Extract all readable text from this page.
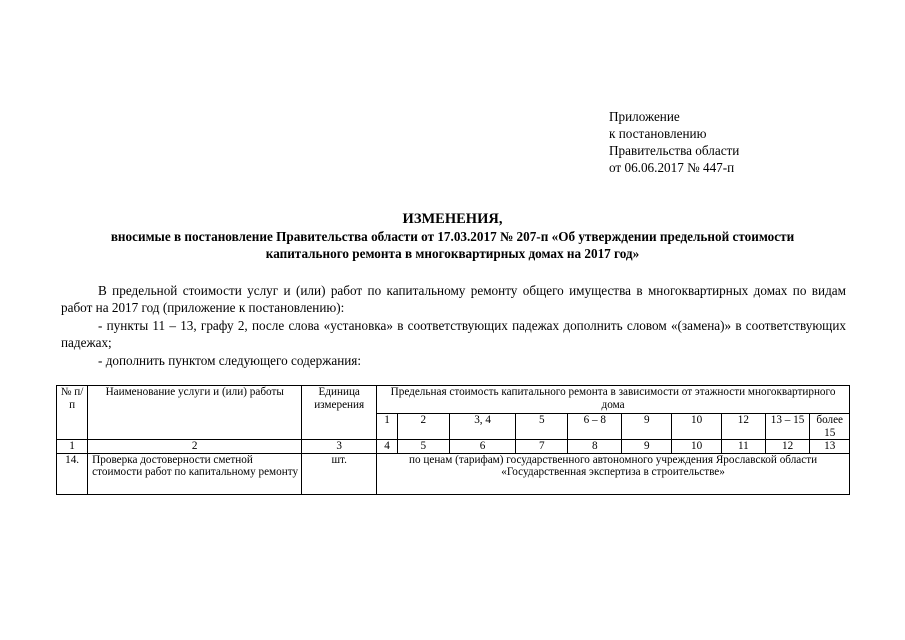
Приложение
к постановлению
Правительства области
от 06.06.2017 № 447-п
ИЗМЕНЕНИЯ,
вносимые в постановление Правительства области от 17.03.2017 № 207-п «Об утверждении предельной стоимости
капитального ремонта в многоквартирных домах на 2017 год»

В предельной стоимости услуг и (или) работ по капитальному ремонту общего имущества в многоквартирных домах по видам работ на 2017 год (приложение к постановлению):

- пункты 11 – 13, графу 2, после слова «установка» в соответствующих падежах дополнить словом «(замена)» в соответствующих падежах;

- дополнить пунктом следующего содержания:

№ п/п	Наименование услуги и (или) работы	Единица измерения	Предельная стоимость капитального ремонта в зависимости от этажности многоквартирного дома									
			1	2	3, 4	5	6 – 8	9	10	12	13 – 15	более 15
1	2	3	4	5	6	7	8	9	10	11	12	13
14.	Проверка достоверности сметной стоимости работ по капитальному ремонту	шт.	по ценам (тарифам) государственного автономного учреждения Ярославской области «Государственная экспертиза в строительстве»									
